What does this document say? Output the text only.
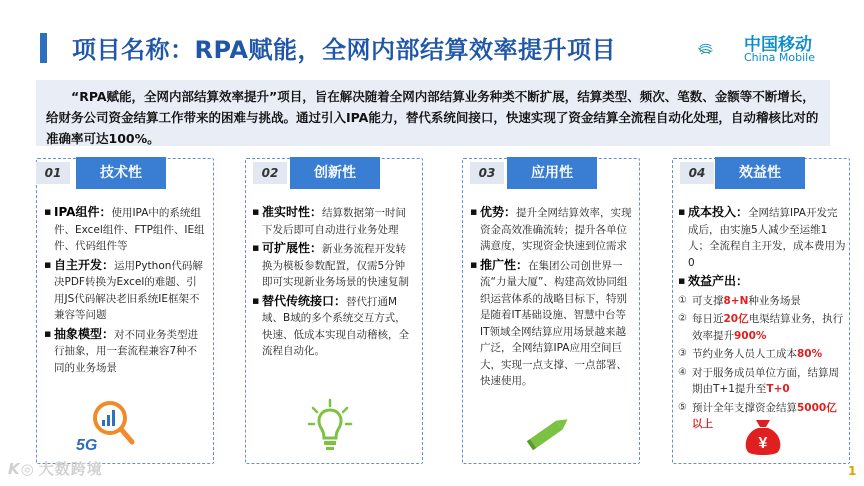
项目名称：RPA赋能，全网内部结算效率提升项目	中国移动
China Mobile
“RPA赋能，全网内部结算效率提升”项目，旨在解决随着全网内部结算业务种类不断扩展，结算类型、频次、笔数、金额等不断增长，给财务公司资金结算工作带来的困难与挑战。通过引入IPA能力，替代系统间接口，快速实现了资金结算全流程自动化处理，自动稽核比对的准确率可达100%。
01	技术性
▪ IPA组件：使用IPA中的系统组件、Excel组件、FTP组件、IE组件、代码组件等
▪ 自主开发：运用Python代码解决PDF转换为Excel的难题、引用JS代码解决老旧系统IE框架不兼容等问题
▪ 抽象模型：对不同业务类型进行抽象，用一套流程兼容7种不同的业务场景
5G
02	创新性
▪ 准实时性：结算数据第一时间下发后即可自动进行业务处理
▪ 可扩展性：新业务流程开发转换为模板参数配置，仅需5分钟即可实现新业务场景的快速复制
▪ 替代传统接口：替代打通M域、B域的多个系统交互方式，快速、低成本实现自动稽核，全流程自动化。
03	应用性
▪ 优势：提升全网结算效率，实现资金高效准确流转；提升各单位满意度，实现资金快速到位需求
▪ 推广性：在集团公司创世界一流“力量大厦”、构建高效协同组织运营体系的战略目标下，特别是随着IT基础设施、智慧中台等IT领域全网结算应用场景越来越广泛，全网结算IPA应用空间巨大，实现一点支撑、一点部署、快速使用。
04	效益性
▪ 成本投入：全网结算IPA开发完成后，由实施5人减少至运维1人；全流程自主开发，成本费用为0
▪ 效益产出：
① 可支撑8+N种业务场景
② 每日近20亿电渠结算业务，执行效率提升900%
③ 节约业务人员人工成本80%
④ 对于服务成员单位方面，结算周期由T+1提升至T+0
⑤ 预计全年支撑资金结算5000亿以上
¥
K◎ 大数跨境	1
